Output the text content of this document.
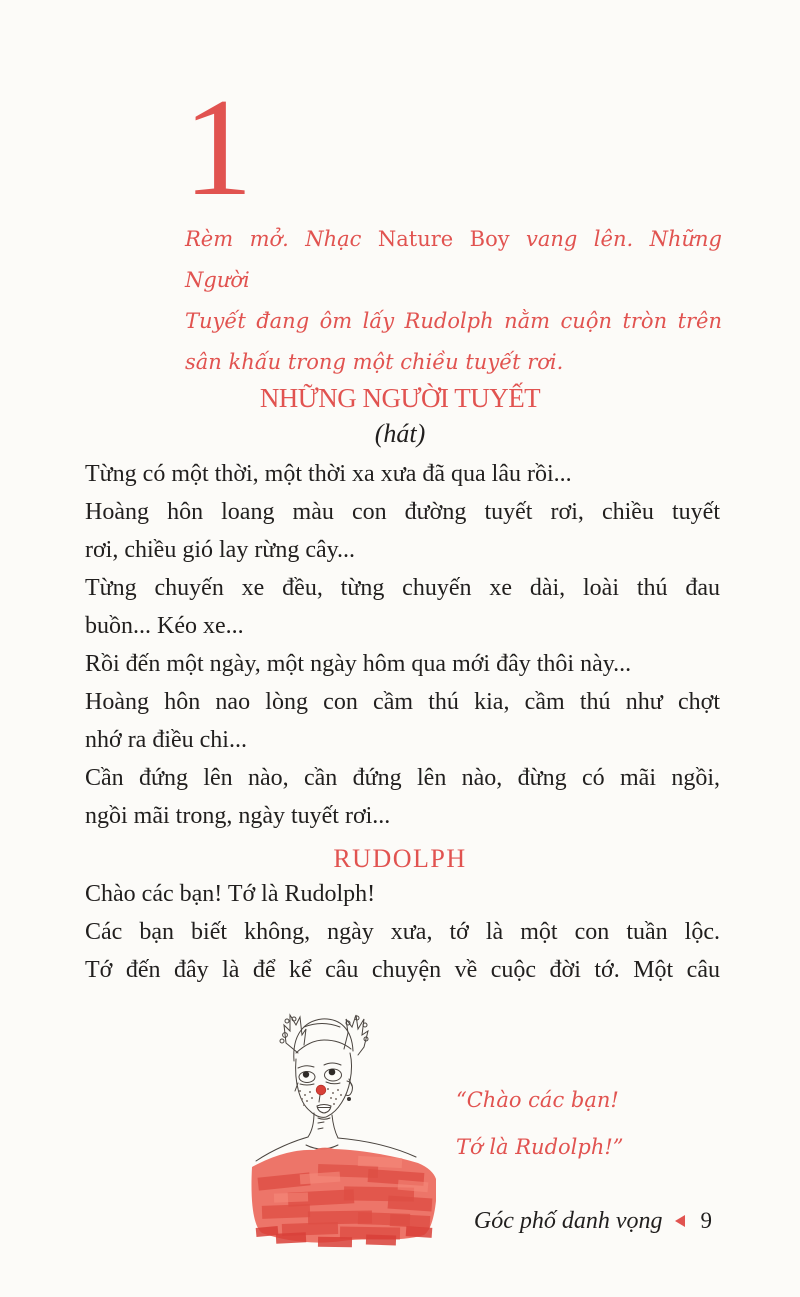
1
Rèm mở. Nhạc Nature Boy vang lên. Những Người
Tuyết đang ôm lấy Rudolph nằm cuộn tròn trên
sân khấu trong một chiều tuyết rơi.
NHỮNG NGƯỜI TUYẾT
(hát)
Từng có một thời, một thời xa xưa đã qua lâu rồi...
Hoàng hôn loang màu con đường tuyết rơi, chiều tuyết
rơi, chiều gió lay rừng cây...
Từng chuyến xe đều, từng chuyến xe dài, loài thú đau
buồn... Kéo xe...
Rồi đến một ngày, một ngày hôm qua mới đây thôi này...
Hoàng hôn nao lòng con cầm thú kia, cầm thú như chợt
nhớ ra điều chi...
Cần đứng lên nào, cần đứng lên nào, đừng có mãi ngồi,
ngồi mãi trong, ngày tuyết rơi...
RUDOLPH
Chào các bạn! Tớ là Rudolph!
Các bạn biết không, ngày xưa, tớ là một con tuần lộc.
Tớ đến đây là để kể câu chuyện về cuộc đời tớ. Một câu
“Chào các bạn!
Tớ là Rudolph!”
Góc phố danh vọng 9
